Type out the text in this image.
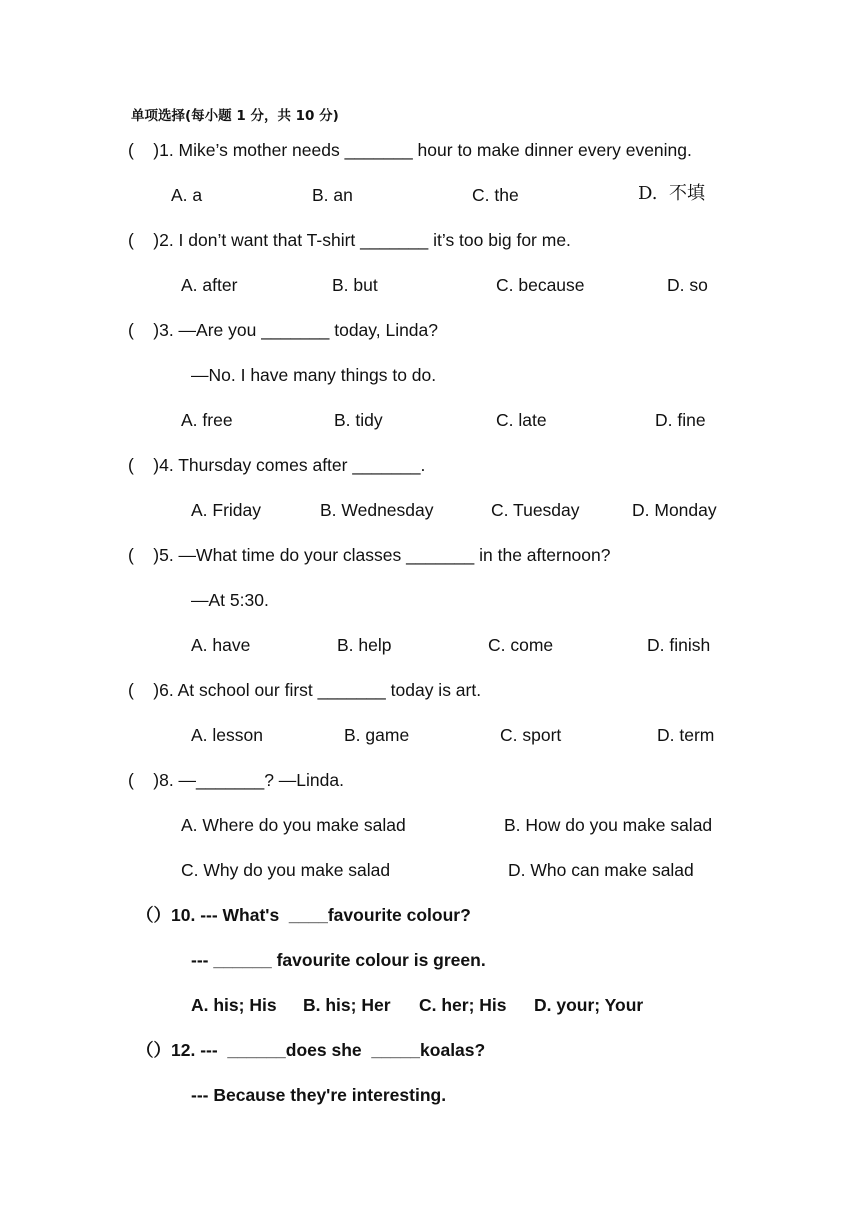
单项选择(每小题 1 分，共 10 分)
(    )1. Mike’s mother needs _______ hour to make dinner every evening.
A. a	B. an	C. the	D.  不填
(    )2. I don’t want that T-shirt _______ it’s too big for me.
A. after	B. but	C. because	D. so
(    )3. —Are you _______ today, Linda?
—No. I have many things to do.
A. free	B. tidy	C. late	D. fine
(    )4. Thursday comes after _______.
A. Friday	B. Wednesday	C. Tuesday	D. Monday
(    )5. —What time do your classes _______ in the afternoon?
—At 5:30.
A. have	B. help	C. come	D. finish
(    )6. At school our first _______ today is art.
A. lesson	B. game	C. sport	D. term
(    )8. —_______? —Linda.
A. Where do you make salad	B. How do you make salad
C. Why do you make salad	D. Who can make salad
（）10. --- What's  ____favourite colour?
--- ______ favourite colour is green.
A. his; His B. his; Her C. her; His D. your; Your
（）12. ---  ______does she  _____koalas?
--- Because they're interesting.
